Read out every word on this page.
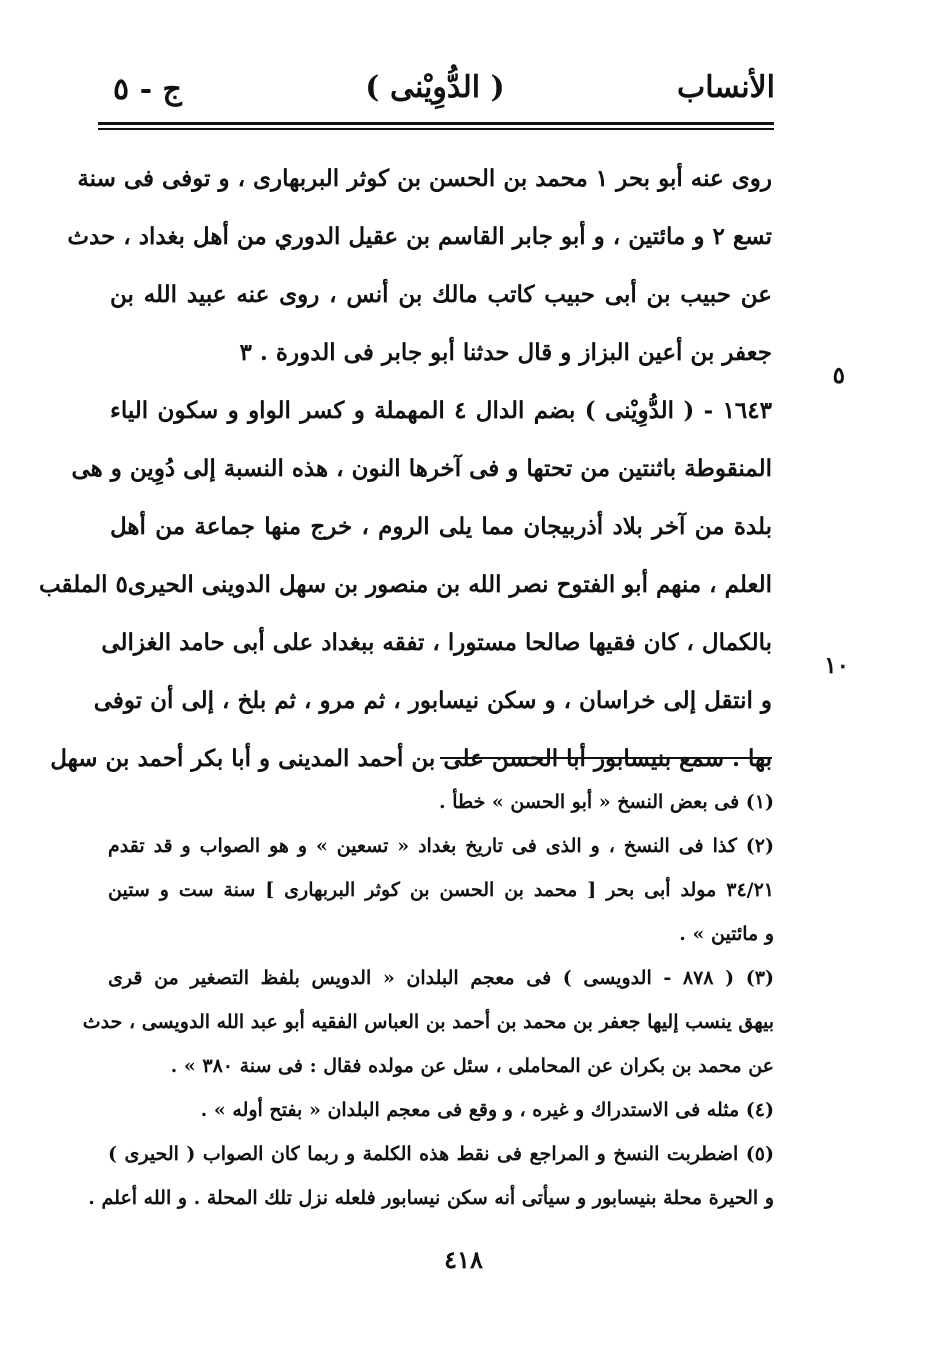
ج - ٥	( الدُّوِيْنى )	الأنساب
روى عنه أبو بحر ١ محمد بن الحسن بن كوثر البربهارى ، و توفى فى سنة
تسع ٢ و مائتين ، و أبو جابر القاسم بن عقيل الدوري من أهل بغداد ، حدث
عن حبيب بن أبى حبيب كاتب مالك بن أنس ، روى عنه عبيد الله بن
جعفر بن أعين البزاز و قال حدثنا أبو جابر فى الدورة . ٣
١٦٤٣ - ( الدُّوِيْنى ) بضم الدال ٤ المهملة و كسر الواو و سكون الياء
المنقوطة باثنتين من تحتها و فى آخرها النون ، هذه النسبة إلى دُوِين و هى
بلدة من آخر بلاد أذربيجان مما يلى الروم ، خرج منها جماعة من أهل
العلم ، منهم أبو الفتوح نصر الله بن منصور بن سهل الدوينى الحيرى٥ الملقب
بالكمال ، كان فقيها صالحا مستورا ، تفقه ببغداد على أبى حامد الغزالى
و انتقل إلى خراسان ، و سكن نيسابور ، ثم مرو ، ثم بلخ ، إلى أن توفى
بها . سمع بنيسابور أبا الحسن على بن أحمد المدينى و أبا بكر أحمد بن سهل
٥
١٠
(١) فى بعض النسخ « أبو الحسن » خطأ .
(٢) كذا فى النسخ ، و الذى فى تاريخ بغداد « تسعين » و هو الصواب و قد تقدم
٣٤/٢١ مولد أبى بحر [ محمد بن الحسن بن كوثر البربهارى ] سنة ست و ستين
و مائتين » .
(٣) ( ٨٧٨ - الدويسى ) فى معجم البلدان « الدويس بلفظ التصغير من قرى
بيهق ينسب إليها جعفر بن محمد بن أحمد بن العباس الفقيه أبو عبد الله الدويسى ، حدث
عن محمد بن بكران عن المحاملى ، سئل عن مولده فقال : فى سنة ٣٨٠ » .
(٤) مثله فى الاستدراك و غيره ، و وقع فى معجم البلدان « بفتح أوله » .
(٥) اضطربت النسخ و المراجع فى نقط هذه الكلمة و ربما كان الصواب ( الحيرى )
و الحيرة محلة بنيسابور و سيأتى أنه سكن نيسابور فلعله نزل تلك المحلة . و الله أعلم .
٤١٨
